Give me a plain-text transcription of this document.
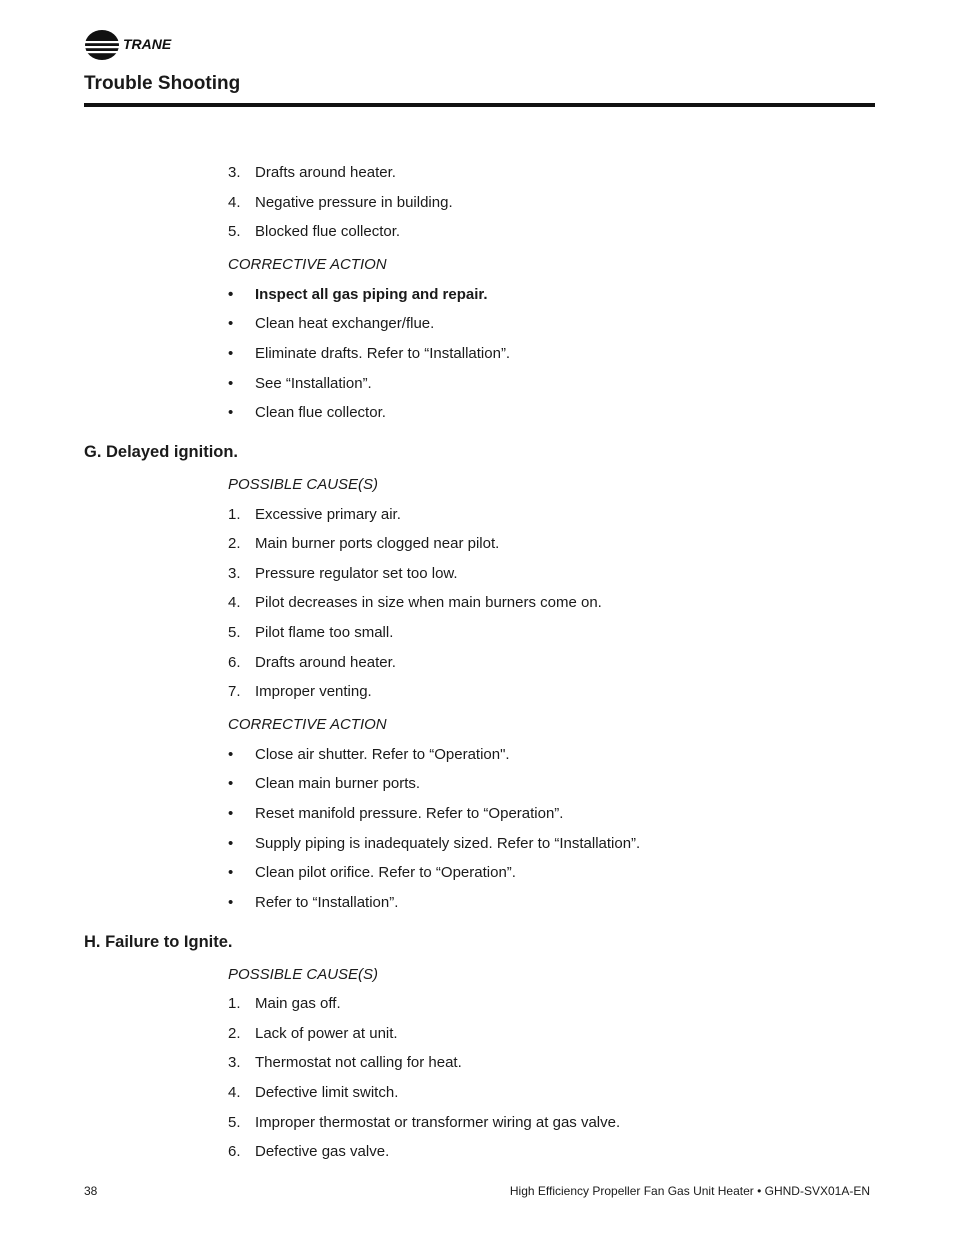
TRANE
Trouble Shooting
3. Drafts around heater.
4. Negative pressure in building.
5. Blocked flue collector.
CORRECTIVE ACTION
• Inspect all gas piping and repair.
• Clean heat exchanger/flue.
• Eliminate drafts. Refer to “Installation”.
• See “Installation”.
• Clean flue collector.
G. Delayed ignition.
POSSIBLE CAUSE(S)
1. Excessive primary air.
2. Main burner ports clogged near pilot.
3. Pressure regulator set too low.
4. Pilot decreases in size when main burners come on.
5. Pilot flame too small.
6. Drafts around heater.
7. Improper venting.
CORRECTIVE ACTION
• Close air shutter. Refer to “Operation".
• Clean main burner ports.
• Reset manifold pressure. Refer to “Operation”.
• Supply piping is inadequately sized. Refer to “Installation”.
• Clean pilot orifice. Refer to “Operation”.
• Refer to “Installation”.
H. Failure to Ignite.
POSSIBLE CAUSE(S)
1. Main gas off.
2. Lack of power at unit.
3. Thermostat not calling for heat.
4. Defective limit switch.
5. Improper thermostat or transformer wiring at gas valve.
6. Defective gas valve.
38	High Efficiency Propeller Fan Gas Unit Heater • GHND-SVX01A-EN
